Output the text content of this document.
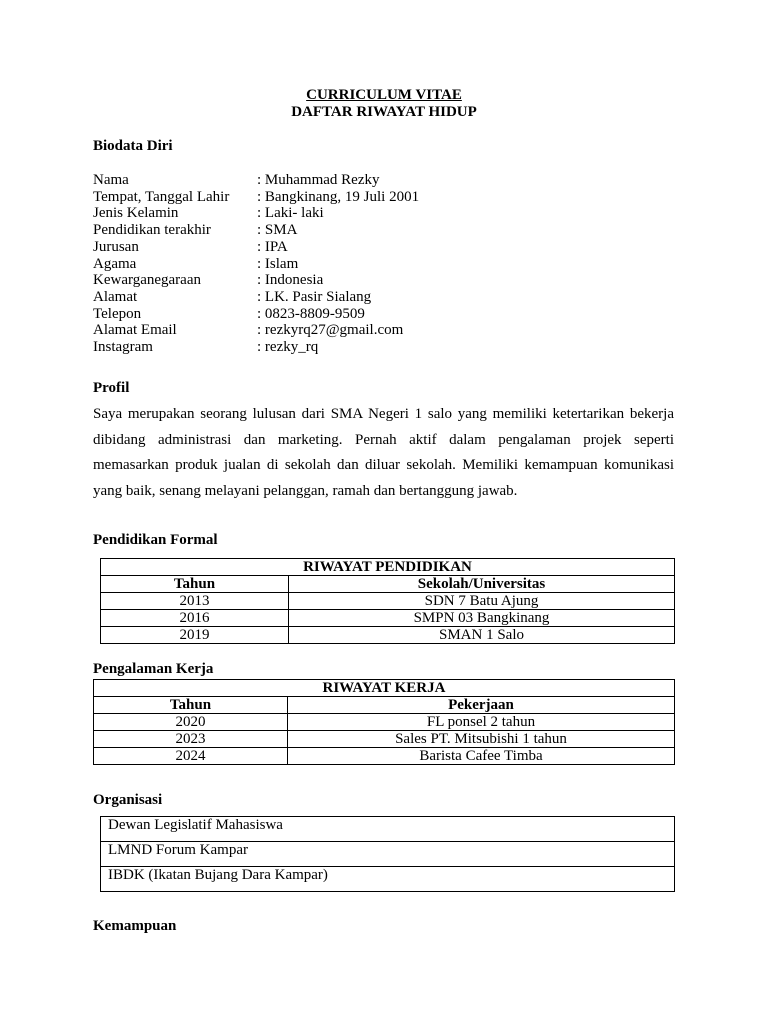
CURRICULUM VITAE
DAFTAR RIWAYAT HIDUP
Biodata Diri
Nama	: Muhammad Rezky
Tempat, Tanggal Lahir : Bangkinang, 19 Juli 2001
Jenis Kelamin	: Laki- laki
Pendidikan terakhir	: SMA
Jurusan	: IPA
Agama	: Islam
Kewarganegaraan	: Indonesia
Alamat	: LK. Pasir Sialang
Telepon	: 0823-8809-9509
Alamat Email	: rezkyrq27@gmail.com
Instagram	: rezky_rq
Profil
Saya merupakan seorang lulusan dari SMA Negeri 1 salo yang memiliki ketertarikan bekerja dibidang administrasi dan marketing. Pernah aktif dalam pengalaman projek seperti memasarkan produk jualan di sekolah dan diluar sekolah. Memiliki kemampuan komunikasi yang baik, senang melayani pelanggan, ramah dan bertanggung jawab.
Pendidikan Formal
RIWAYAT PENDIDIKAN	
Tahun	Sekolah/Universitas
2013	SDN 7 Batu Ajung
2016	SMPN 03 Bangkinang
2019	SMAN 1 Salo
Pengalaman Kerja
RIWAYAT KERJA	
Tahun	Pekerjaan
2020	FL ponsel 2 tahun
2023	Sales PT. Mitsubishi 1 tahun
2024	Barista Cafee Timba
Organisasi
Dewan Legislatif Mahasiswa
LMND Forum Kampar
IBDK (Ikatan Bujang Dara Kampar)
Kemampuan
